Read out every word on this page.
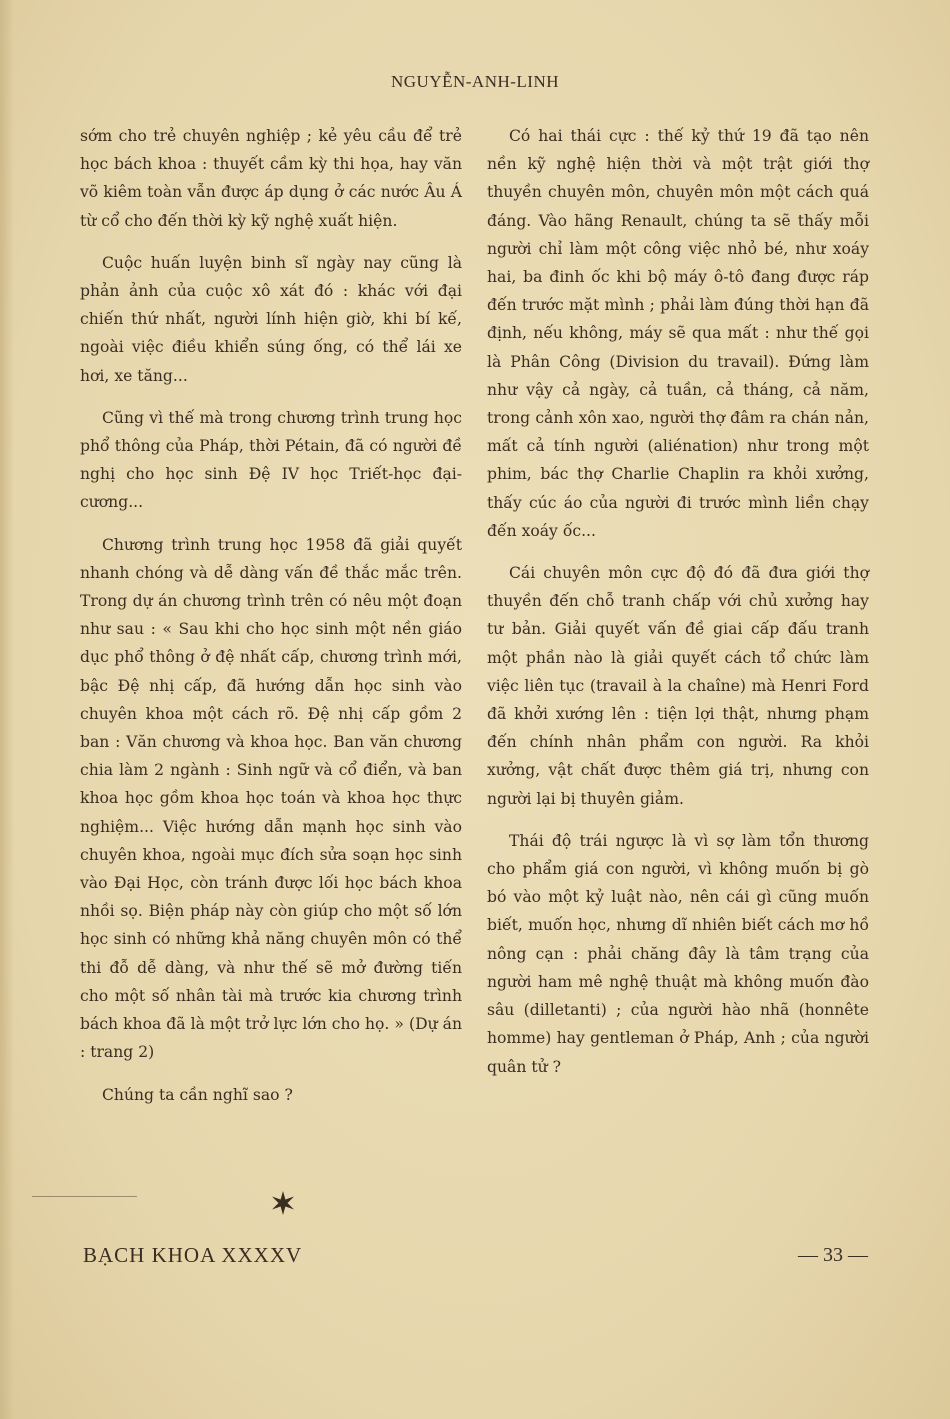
NGUYỄN-ANH-LINH

sớm cho trẻ chuyên nghiệp ; kẻ yêu cầu để trẻ học bách khoa : thuyết cầm kỳ thi họa, hay văn võ kiêm toàn vẫn được áp dụng ở các nước Âu Á từ cổ cho đến thời kỳ kỹ nghệ xuất hiện.

Cuộc huấn luyện binh sĩ ngày nay cũng là phản ảnh của cuộc xô xát đó : khác với đại chiến thứ nhất, người lính hiện giờ, khi bí kế, ngoài việc điều khiển súng ống, có thể lái xe hơi, xe tăng...

Cũng vì thế mà trong chương trình trung học phổ thông của Pháp, thời Pétain, đã có người đề nghị cho học sinh Đệ IV học Triết-học đại-cương...

Chương trình trung học 1958 đã giải quyết nhanh chóng và dễ dàng vấn đề thắc mắc trên. Trong dự án chương trình trên có nêu một đoạn như sau : « Sau khi cho học sinh một nền giáo dục phổ thông ở đệ nhất cấp, chương trình mới, bậc Đệ nhị cấp, đã hướng dẫn học sinh vào chuyên khoa một cách rõ. Đệ nhị cấp gồm 2 ban : Văn chương và khoa học. Ban văn chương chia làm 2 ngành : Sinh ngữ và cổ điển, và ban khoa học gồm khoa học toán và khoa học thực nghiệm... Việc hướng dẫn mạnh học sinh vào chuyên khoa, ngoài mục đích sửa soạn học sinh vào Đại Học, còn tránh được lối học bách khoa nhồi sọ. Biện pháp này còn giúp cho một số lớn học sinh có những khả năng chuyên môn có thể thi đỗ dễ dàng, và như thế sẽ mở đường tiến cho một số nhân tài mà trước kia chương trình bách khoa đã là một trở lực lớn cho họ. » (Dự án : trang 2)

Chúng ta cần nghĩ sao ?

Có hai thái cực : thế kỷ thứ 19 đã tạo nên nền kỹ nghệ hiện thời và một trật giới thợ thuyền chuyên môn, chuyên môn một cách quá đáng. Vào hãng Renault, chúng ta sẽ thấy mỗi người chỉ làm một công việc nhỏ bé, như xoáy hai, ba đinh ốc khi bộ máy ô-tô đang được ráp đến trước mặt mình ; phải làm đúng thời hạn đã định, nếu không, máy sẽ qua mất : như thế gọi là Phân Công (Division du travail). Đứng làm như vậy cả ngày, cả tuần, cả tháng, cả năm, trong cảnh xôn xao, người thợ đâm ra chán nản, mất cả tính người (aliénation) như trong một phim, bác thợ Charlie Chaplin ra khỏi xưởng, thấy cúc áo của người đi trước mình liền chạy đến xoáy ốc...

Cái chuyên môn cực độ đó đã đưa giới thợ thuyền đến chỗ tranh chấp với chủ xưởng hay tư bản. Giải quyết vấn đề giai cấp đấu tranh một phần nào là giải quyết cách tổ chức làm việc liên tục (travail à la chaîne) mà Henri Ford đã khởi xướng lên : tiện lợi thật, nhưng phạm đến chính nhân phẩm con người. Ra khỏi xưởng, vật chất được thêm giá trị, nhưng con người lại bị thuyên giảm.

Thái độ trái ngược là vì sợ làm tổn thương cho phẩm giá con người, vì không muốn bị gò bó vào một kỷ luật nào, nên cái gì cũng muốn biết, muốn học, nhưng dĩ nhiên biết cách mơ hồ nông cạn : phải chăng đây là tâm trạng của người ham mê nghệ thuật mà không muốn đào sâu (dilletanti) ; của người hào nhã (honnête homme) hay gentleman ở Pháp, Anh ; của người quân tử ?

BẠCH KHOA XXXXV	— 33 —
